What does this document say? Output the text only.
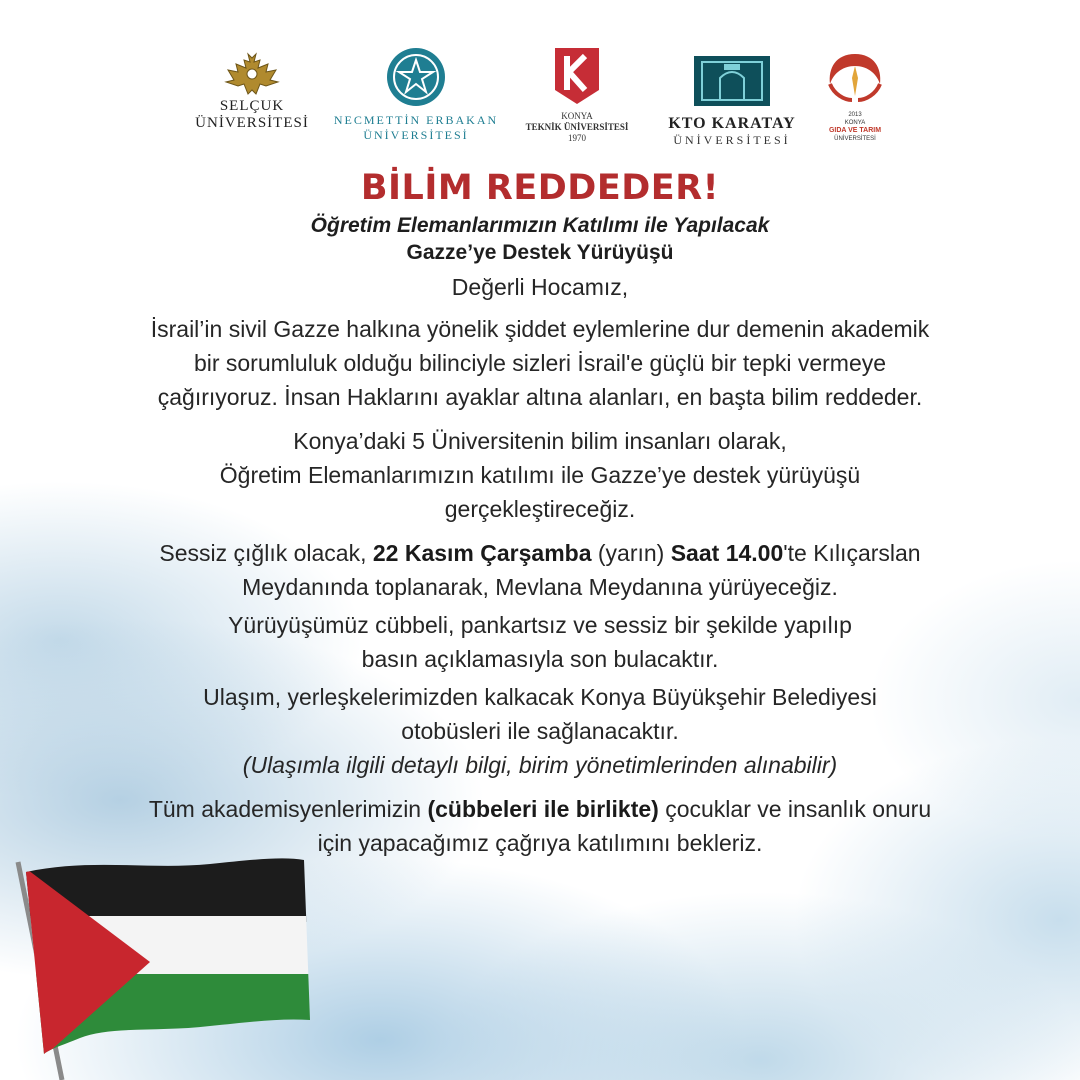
SELÇUK
ÜNİVERSİTESİ	NECMETTİN ERBAKAN
ÜNİVERSİTESİ
KONYA
TEKNİK ÜNİVERSİTESİ
1970
KTO KARATAY
ÜNİVERSİTESİ
2013
KONYA
GIDA VE TARIM
ÜNİVERSİTESİ
BİLİM REDDEDER!

Öğretim Elemanlarımızın Katılımı ile Yapılacak

Gazze’ye Destek Yürüyüşü

Değerli Hocamız,

İsrail’in sivil Gazze halkına yönelik şiddet eylemlerine dur demenin akademik

bir sorumluluk olduğu bilinciyle sizleri İsrail'e güçlü bir tepki vermeye

çağırıyoruz. İnsan Haklarını ayaklar altına alanları, en başta bilim reddeder.

Konya’daki 5 Üniversitenin bilim insanları olarak,

Öğretim Elemanlarımızın katılımı ile Gazze’ye destek yürüyüşü

gerçekleştireceğiz.

Sessiz çığlık olacak, 22 Kasım Çarşamba (yarın) Saat 14.00'te Kılıçarslan

Meydanında toplanarak, Mevlana Meydanına yürüyeceğiz.

Yürüyüşümüz cübbeli, pankartsız ve sessiz bir şekilde yapılıp

basın açıklamasıyla son bulacaktır.

Ulaşım, yerleşkelerimizden kalkacak Konya Büyükşehir Belediyesi

otobüsleri ile sağlanacaktır.

(Ulaşımla ilgili detaylı bilgi, birim yönetimlerinden alınabilir)

Tüm akademisyenlerimizin (cübbeleri ile birlikte) çocuklar ve insanlık onuru

için yapacağımız çağrıya katılımını bekleriz.
